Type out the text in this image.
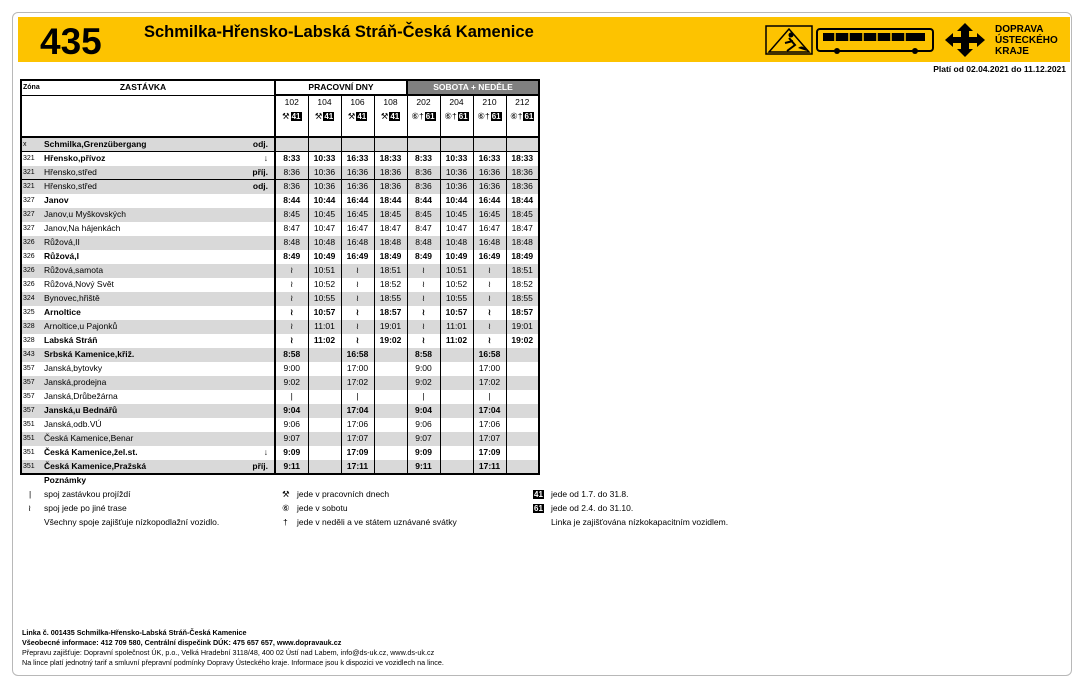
435	Schmilka-Hřensko-Labská Stráň-Česká Kamenice	DOPRAVA
ÚSTECKÉHO
KRAJE
Platí od 02.04.2021 do 11.12.2021
Zóna	ZASTÁVKA		PRACOVNÍ DNY				SOBOTA + NEDĚLE			
			102	104	106	108	202	204	210	212

			⚒ 41	⚒ 41	⚒ 41	⚒ 41	⑥† 61	⑥† 61	⑥† 61	⑥† 61

x	Schmilka,Grenzübergang	odj.								
321	Hřensko,přívoz	↓	8:33	10:33	16:33	18:33	8:33	10:33	16:33	18:33
321	Hřensko,střed	příj.	8:36	10:36	16:36	18:36	8:36	10:36	16:36	18:36
321	Hřensko,střed	odj.	8:36	10:36	16:36	18:36	8:36	10:36	16:36	18:36
327	Janov		8:44	10:44	16:44	18:44	8:44	10:44	16:44	18:44
327	Janov,u Myškovských		8:45	10:45	16:45	18:45	8:45	10:45	16:45	18:45
327	Janov,Na hájenkách		8:47	10:47	16:47	18:47	8:47	10:47	16:47	18:47
326	Růžová,II		8:48	10:48	16:48	18:48	8:48	10:48	16:48	18:48
326	Růžová,I		8:49	10:49	16:49	18:49	8:49	10:49	16:49	18:49
326	Růžová,samota		≀	10:51	≀	18:51	≀	10:51	≀	18:51
326	Růžová,Nový Svět		≀	10:52	≀	18:52	≀	10:52	≀	18:52
324	Bynovec,hřiště		≀	10:55	≀	18:55	≀	10:55	≀	18:55
325	Arnoltice		≀	10:57	≀	18:57	≀	10:57	≀	18:57
328	Arnoltice,u Pajonků		≀	11:01	≀	19:01	≀	11:01	≀	19:01
328	Labská Stráň		≀	11:02	≀	19:02	≀	11:02	≀	19:02
343	Srbská Kamenice,křiž.		8:58		16:58		8:58		16:58	
357	Janská,bytovky		9:00		17:00		9:00		17:00	
357	Janská,prodejna		9:02		17:02		9:02		17:02	
357	Janská,Drůbežárna		|		|		|		|	
357	Janská,u Bednářů		9:04		17:04		9:04		17:04	
351	Janská,odb.VÚ		9:06		17:06		9:06		17:06	
351	Česká Kamenice,Benar		9:07		17:07		9:07		17:07	
351	Česká Kamenice,žel.st.	↓	9:09		17:09		9:09		17:09	
351	Česká Kamenice,Pražská	příj.	9:11		17:11		9:11		17:11	
Poznámky
| spoj zastávkou projíždí
≀ spoj jede po jiné trase
Všechny spoje zajišťuje nízkopodlažní vozidlo.
⚒ jede v pracovních dnech
⑥ jede v sobotu
† jede v neděli a ve státem uznávané svátky
41 jede od 1.7. do 31.8.
61 jede od 2.4. do 31.10.
Linka je zajišťována nízkokapacitním vozidlem.
Linka č. 001435 Schmilka-Hřensko-Labská Stráň-Česká Kamenice
Všeobecné informace: 412 709 580, Centrální dispečink DÚK: 475 657 657, www.dopravauk.cz
Přepravu zajišťuje: Dopravní společnost ÚK, p.o., Velká Hradební 3118/48, 400 02 Ústí nad Labem, info@ds-uk.cz, www.ds-uk.cz
Na lince platí jednotný tarif a smluvní přepravní podmínky Dopravy Ústeckého kraje. Informace jsou k dispozici ve vozidlech na lince.
